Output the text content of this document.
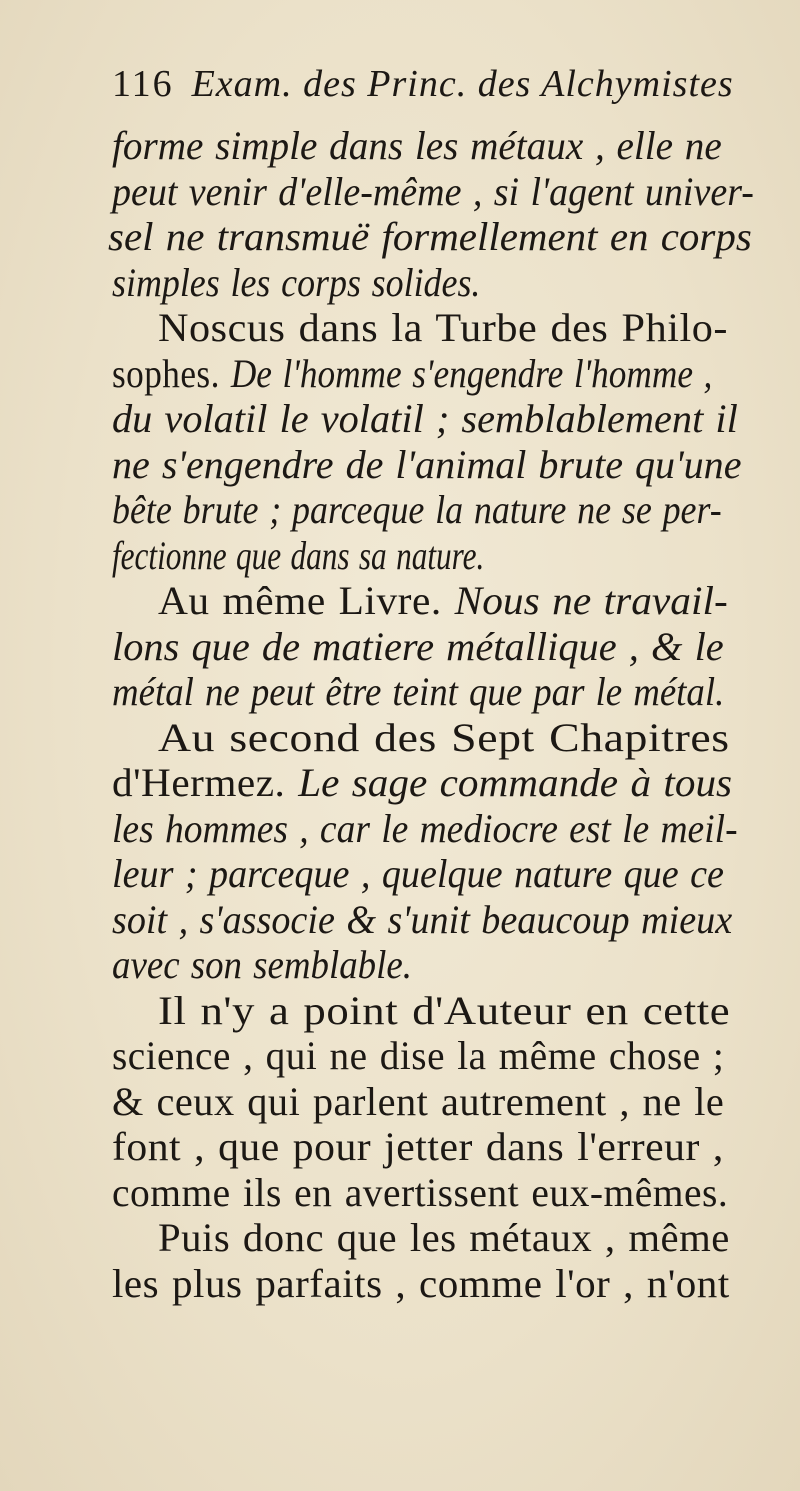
116 Exam. des Princ. des Alchymistes
forme simple dans les métaux , elle ne
peut venir d'elle-même , si l'agent univer-
sel ne transmuë formellement en corps
simples les corps solides.
Noscus dans la Turbe des Philo-
sophes. De l'homme s'engendre l'homme ,
du volatil le volatil ; semblablement il
ne s'engendre de l'animal brute qu'une
bête brute ; parceque la nature ne se per-
fectionne que dans sa nature.
Au même Livre. Nous ne travail-
lons que de matiere métallique , & le
métal ne peut être teint que par le métal.
Au second des Sept Chapitres
d'Hermez. Le sage commande à tous
les hommes , car le mediocre est le meil-
leur ; parceque , quelque nature que ce
soit , s'associe & s'unit beaucoup mieux
avec son semblable.
Il n'y a point d'Auteur en cette
science , qui ne dise la même chose ;
& ceux qui parlent autrement , ne le
font , que pour jetter dans l'erreur ,
comme ils en avertissent eux-mêmes.
Puis donc que les métaux , même
les plus parfaits , comme l'or , n'ont
